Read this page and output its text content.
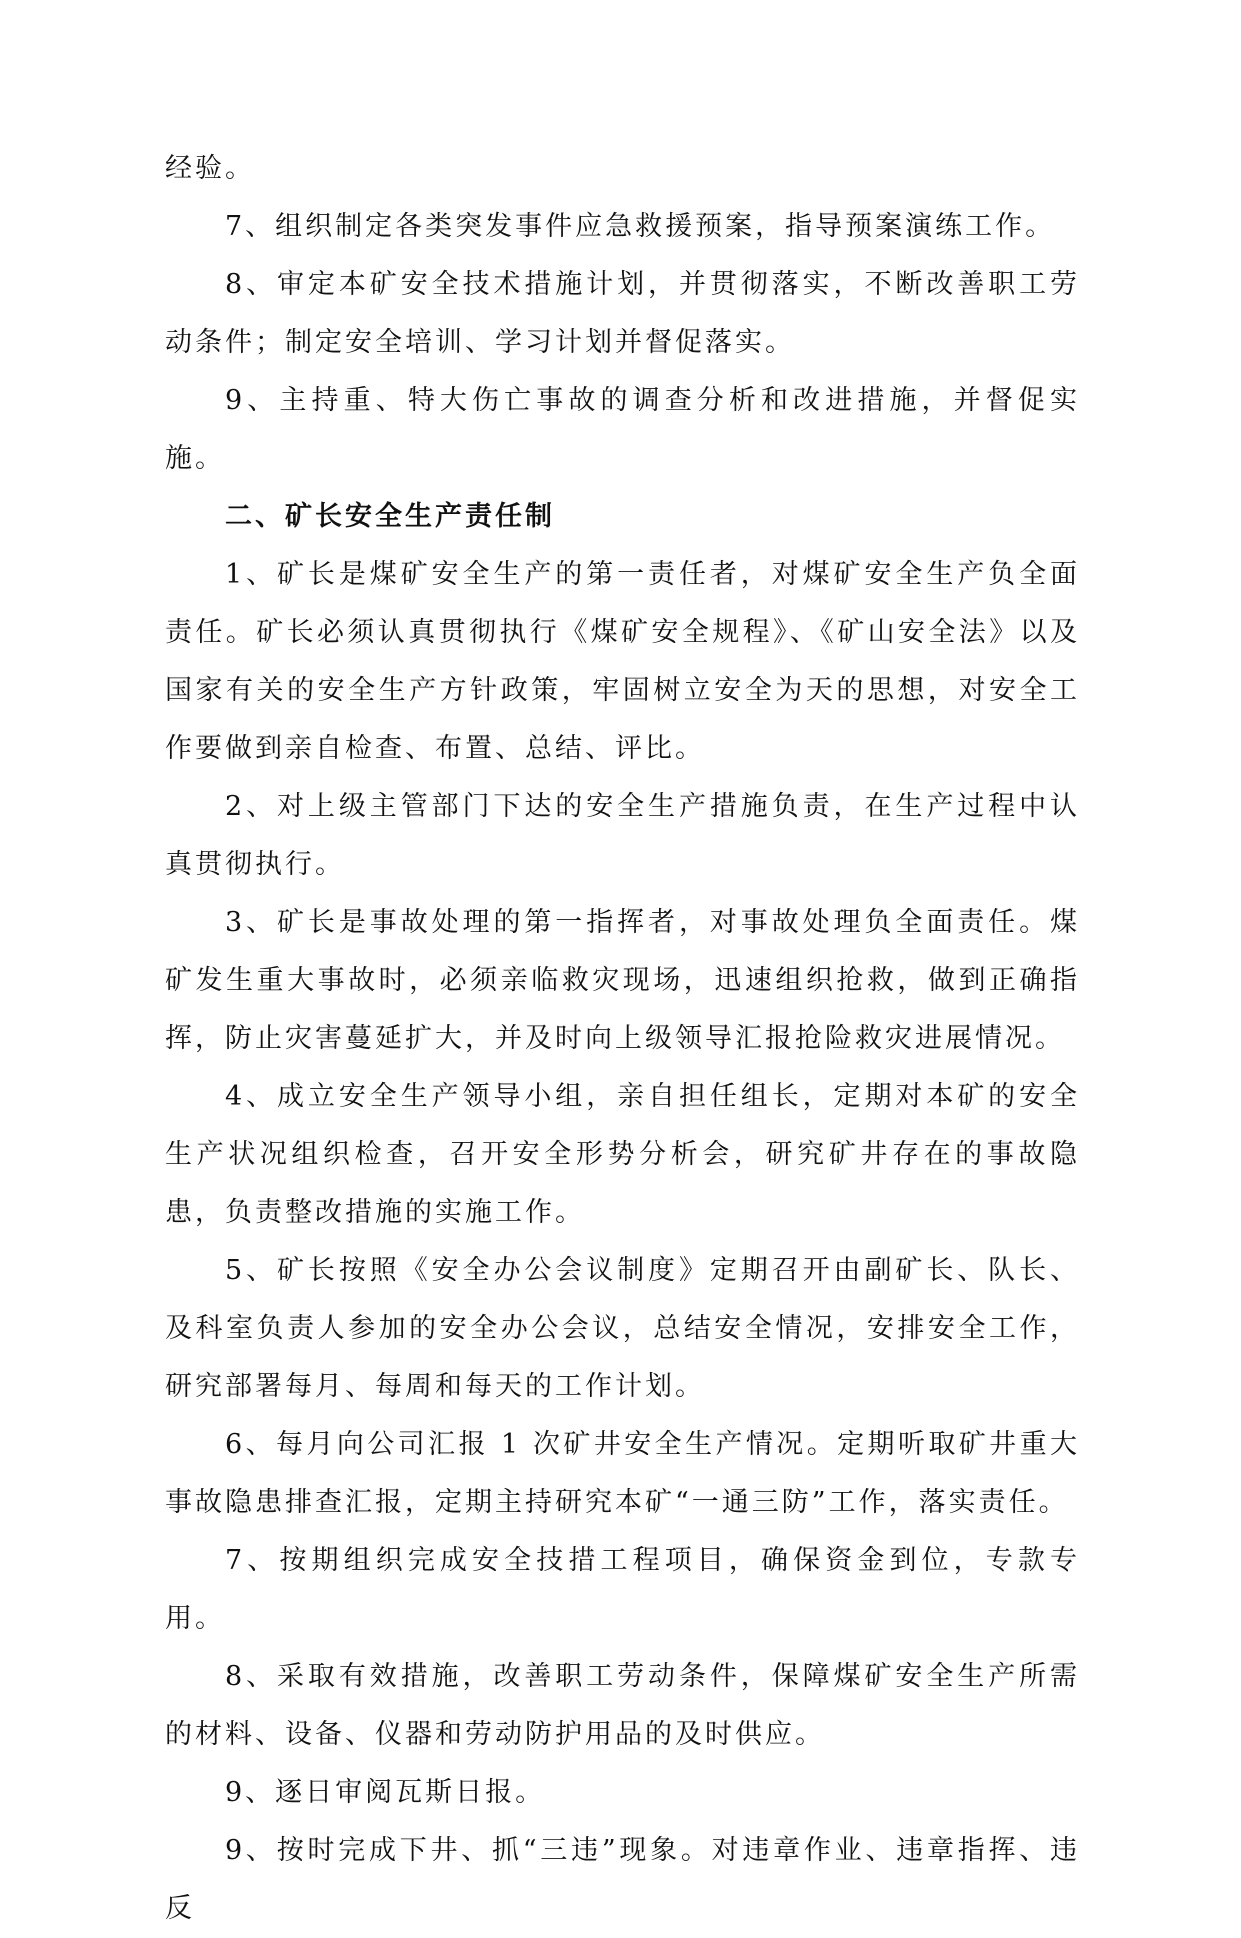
经验。

7、组织制定各类突发事件应急救援预案，指导预案演练工作。

8、审定本矿安全技术措施计划，并贯彻落实，不断改善职工劳动条件；制定安全培训、学习计划并督促落实。

9、主持重、特大伤亡事故的调查分析和改进措施，并督促实施。

二、矿长安全生产责任制

1、矿长是煤矿安全生产的第一责任者，对煤矿安全生产负全面责任。矿长必须认真贯彻执行《煤矿安全规程》、《矿山安全法》以及国家有关的安全生产方针政策，牢固树立安全为天的思想，对安全工作要做到亲自检查、布置、总结、评比。

2、对上级主管部门下达的安全生产措施负责，在生产过程中认真贯彻执行。

3、矿长是事故处理的第一指挥者，对事故处理负全面责任。煤矿发生重大事故时，必须亲临救灾现场，迅速组织抢救，做到正确指挥，防止灾害蔓延扩大，并及时向上级领导汇报抢险救灾进展情况。

4、成立安全生产领导小组，亲自担任组长，定期对本矿的安全生产状况组织检查，召开安全形势分析会，研究矿井存在的事故隐患，负责整改措施的实施工作。

5、矿长按照《安全办公会议制度》定期召开由副矿长、队长、及科室负责人参加的安全办公会议，总结安全情况，安排安全工作，研究部署每月、每周和每天的工作计划。

6、每月向公司汇报 1 次矿井安全生产情况。定期听取矿井重大事故隐患排查汇报，定期主持研究本矿“一通三防”工作，落实责任。

7、按期组织完成安全技措工程项目，确保资金到位，专款专用。

8、采取有效措施，改善职工劳动条件，保障煤矿安全生产所需的材料、设备、仪器和劳动防护用品的及时供应。

9、逐日审阅瓦斯日报。

9、按时完成下井、抓“三违”现象。对违章作业、违章指挥、违反
